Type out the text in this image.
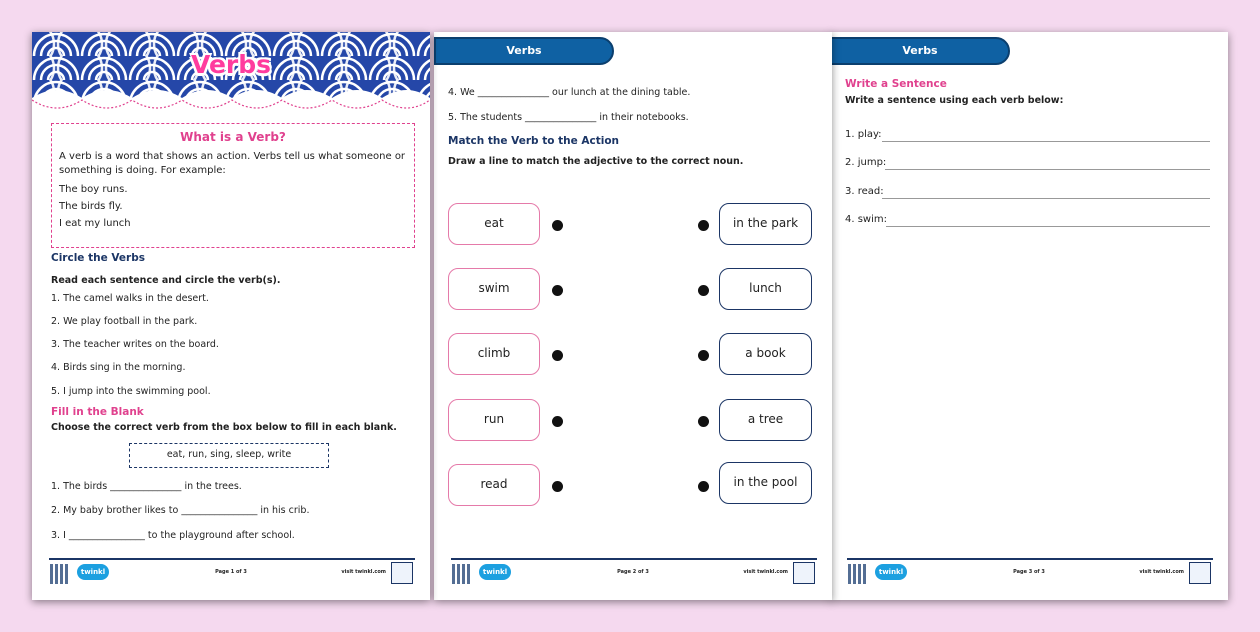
Verbs
What is a Verb?
A verb is a word that shows an action. Verbs tell us what someone or something is doing. For example:
The boy runs.
The birds fly.
I eat my lunch
Circle the Verbs
Read each sentence and circle the verb(s).
1. The camel walks in the desert.
2. We play football in the park.
3. The teacher writes on the board.
4. Birds sing in the morning.
5. I jump into the swimming pool.
Fill in the Blank
Choose the correct verb from the box below to fill in each blank.
eat, run, sing, sleep, write
1. The birds _______________ in the trees.
2. My baby brother likes to ________________ in his crib.
3. I ________________ to the playground after school.
twinkl	Page 1 of 3	visit twinkl.com
Verbs
4. We _______________ our lunch at the dining table.
5. The students _______________ in their notebooks.
Match the Verb to the Action
Draw a line to match the adjective to the correct noun.
eat
swim
climb
run
read
in the park
lunch
a book
a tree
in the pool
twinkl	Page 2 of 3	visit twinkl.com
Verbs
Write a Sentence
Write a sentence using each verb below:
1. play:
2. jump:
3. read:
4. swim:
twinkl	Page 3 of 3	visit twinkl.com
